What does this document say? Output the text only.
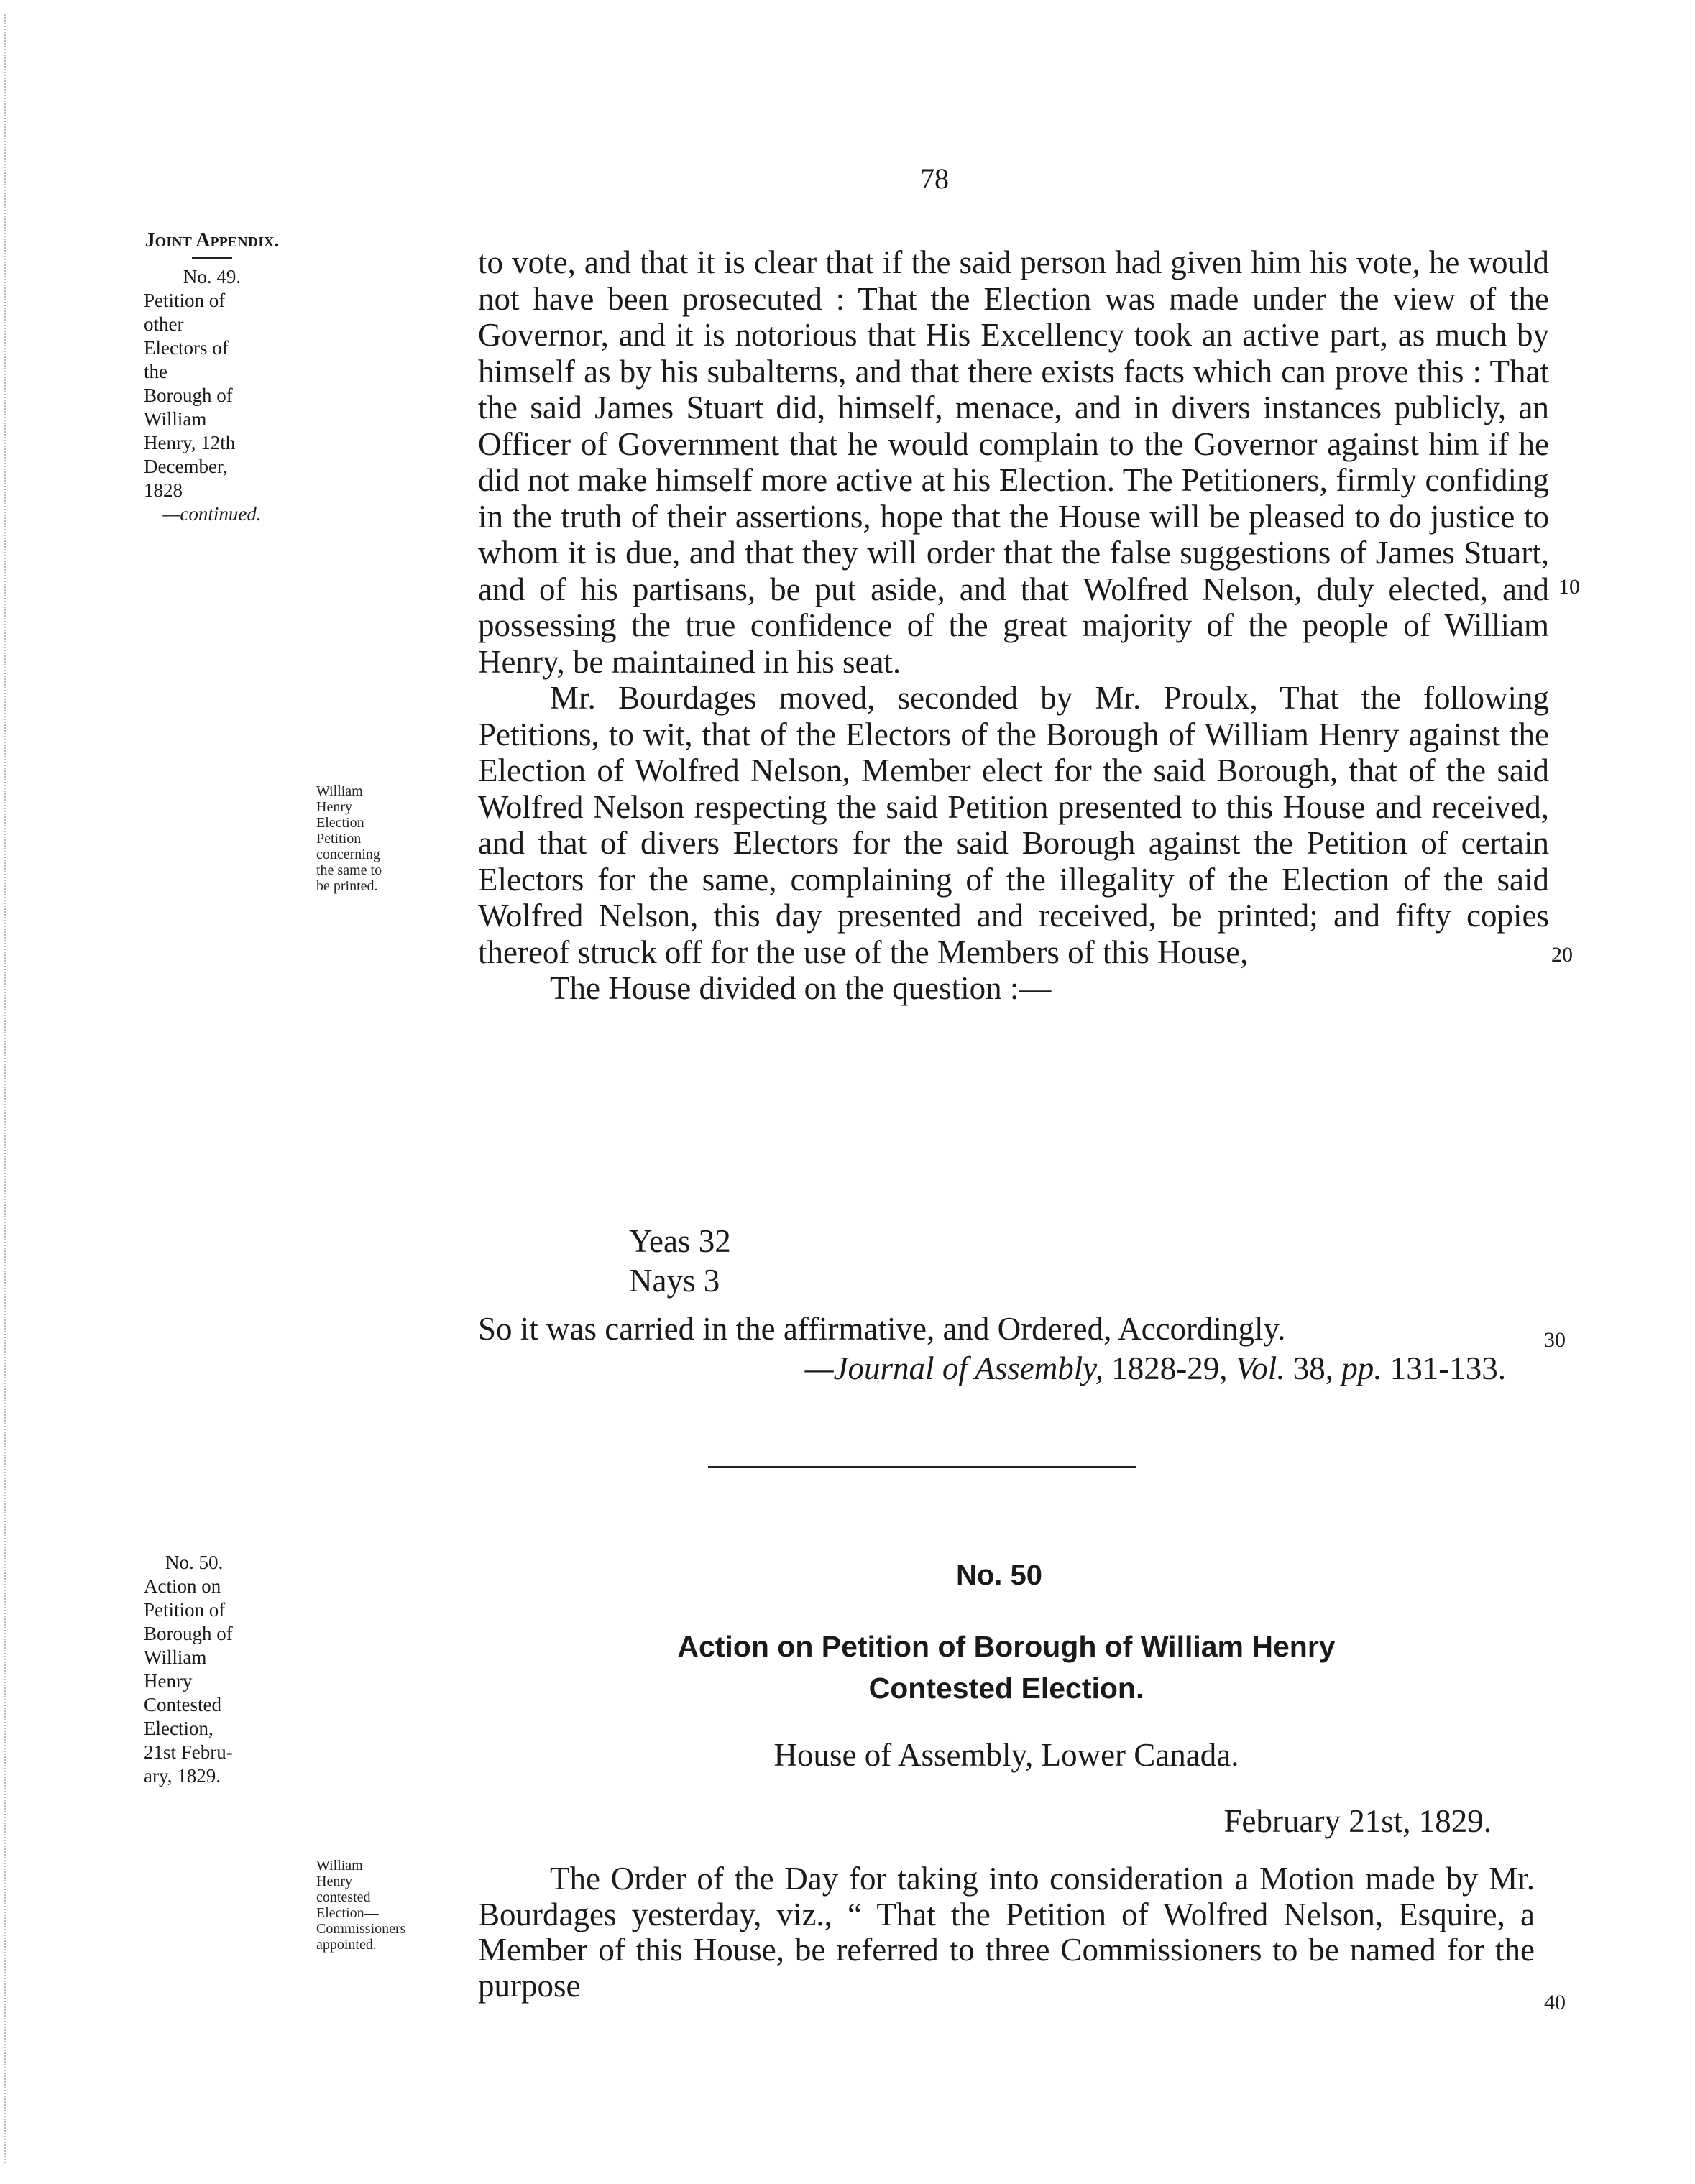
78
Joint Appendix.
No. 49.
Petition of
other
Electors of
the
Borough of
William
Henry, 12th
December,
1828
—continued.
William
Henry
Election—
Petition
concerning
the same to
be printed.

to vote, and that it is clear that if the said person had given him his vote, he would not have been prosecuted : That the Election was made under the view of the Governor, and it is notorious that His Excellency took an active part, as much by himself as by his subalterns, and that there exists facts which can prove this : That the said James Stuart did, himself, menace, and in divers instances publicly, an Officer of Government that he would complain to the Governor against him if he did not make himself more active at his Election. The Petitioners, firmly confiding in the truth of their assertions, hope that the House will be pleased to do justice to whom it is due, and that they will order that the false suggestions of James Stuart, and of his partisans, be put aside, and that Wolfred Nelson, duly elected, and possessing the true confidence of the great majority of the people of William Henry, be maintained in his seat.

Mr. Bourdages moved, seconded by Mr. Proulx, That the following Petitions, to wit, that of the Electors of the Borough of William Henry against the Election of Wolfred Nelson, Member elect for the said Borough, that of the said Wolfred Nelson respecting the said Petition presented to this House and received, and that of divers Electors for the said Borough against the Petition of certain Electors for the same, complaining of the illegality of the Election of the said Wolfred Nelson, this day presented and received, be printed; and fifty copies thereof struck off for the use of the Members of this House,

The House divided on the question :—

Yeas 32
Nays 3
So it was carried in the affirmative, and Ordered, Accordingly.
—Journal of Assembly, 1828-29, Vol. 38, pp. 131-133.
10
20
30
40
No. 50.
Action on
Petition of
Borough of
William
Henry
Contested
Election,
21st Febru-
ary, 1829.
William
Henry
contested
Election—
Commissioners
appointed.
No. 50
Action on Petition of Borough of William Henry
Contested Election.
House of Assembly, Lower Canada.
February 21st, 1829.

The Order of the Day for taking into consideration a Motion made by Mr. Bourdages yesterday, viz., “ That the Petition of Wolfred Nelson, Esquire, a Member of this House, be referred to three Commissioners to be named for the purpose
